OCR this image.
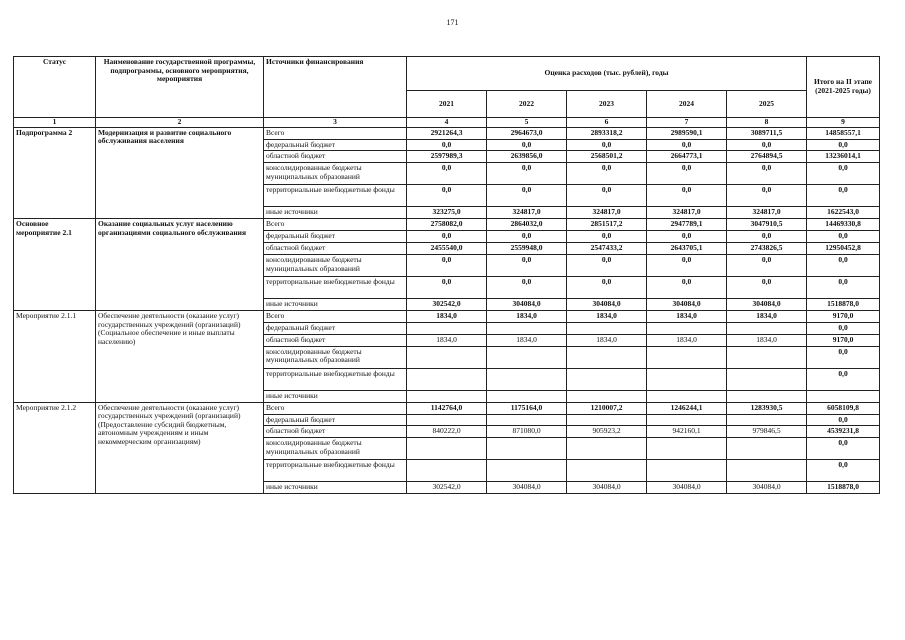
171
Статус	Наименование государственной программы, подпрограммы, основного мероприятия, мероприятия	Источники финансирования	Оценка расходов (тыс. рублей), годы					Итого на II этапе (2021-2025 годы)
			2021	2022	2023	2024	2025	
1	2	3	4	5	6	7	8	9
Подпрограмма 2	Модернизация и развитие социального обслуживания населения	Всего	2921264,3	2964673,0	2893318,2	2989590,1	3089711,5	14858557,1
		федеральный бюджет	0,0	0,0	0,0	0,0	0,0	0,0
		областной бюджет	2597989,3	2639856,0	2568501,2	2664773,1	2764894,5	13236014,1
		консолидированные бюджеты муниципальных образований	0,0	0,0	0,0	0,0	0,0	0,0
		территориальные внебюджетные фонды	0,0	0,0	0,0	0,0	0,0	0,0
		иные источники	323275,0	324817,0	324817,0	324817,0	324817,0	1622543,0
Основное мероприятие 2.1	Оказание социальных услуг населению организациями социального обслуживания	Всего	2758082,0	2864032,0	2851517,2	2947789,1	3047910,5	14469330,8
		федеральный бюджет	0,0	0,0	0,0	0,0	0,0	0,0
		областной бюджет	2455540,0	2559948,0	2547433,2	2643705,1	2743826,5	12950452,8
		консолидированные бюджеты муниципальных образований	0,0	0,0	0,0	0,0	0,0	0,0
		территориальные внебюджетные фонды	0,0	0,0	0,0	0,0	0,0	0,0
		иные источники	302542,0	304084,0	304084,0	304084,0	304084,0	1518878,0
Мероприятие 2.1.1	Обеспечение деятельности (оказание услуг) государственных учреждений (организаций) (Социальное обеспечение и иные выплаты населению)	Всего	1834,0	1834,0	1834,0	1834,0	1834,0	9170,0
		федеральный бюджет						0,0
		областной бюджет	1834,0	1834,0	1834,0	1834,0	1834,0	9170,0
		консолидированные бюджеты муниципальных образований						0,0
		территориальные внебюджетные фонды						0,0
		иные источники						
Мероприятие 2.1.2	Обеспечение деятельности (оказание услуг) государственных учреждений (организаций) (Предоставление субсидий бюджетным, автономным учреждениям и иным некоммерческим организациям)	Всего	1142764,0	1175164,0	1210007,2	1246244,1	1283930,5	6058109,8
		федеральный бюджет						0,0
		областной бюджет	840222,0	871080,0	905923,2	942160,1	979846,5	4539231,8
		консолидированные бюджеты муниципальных образований						0,0
		территориальные внебюджетные фонды						0,0
		иные источники	302542,0	304084,0	304084,0	304084,0	304084,0	1518878,0
